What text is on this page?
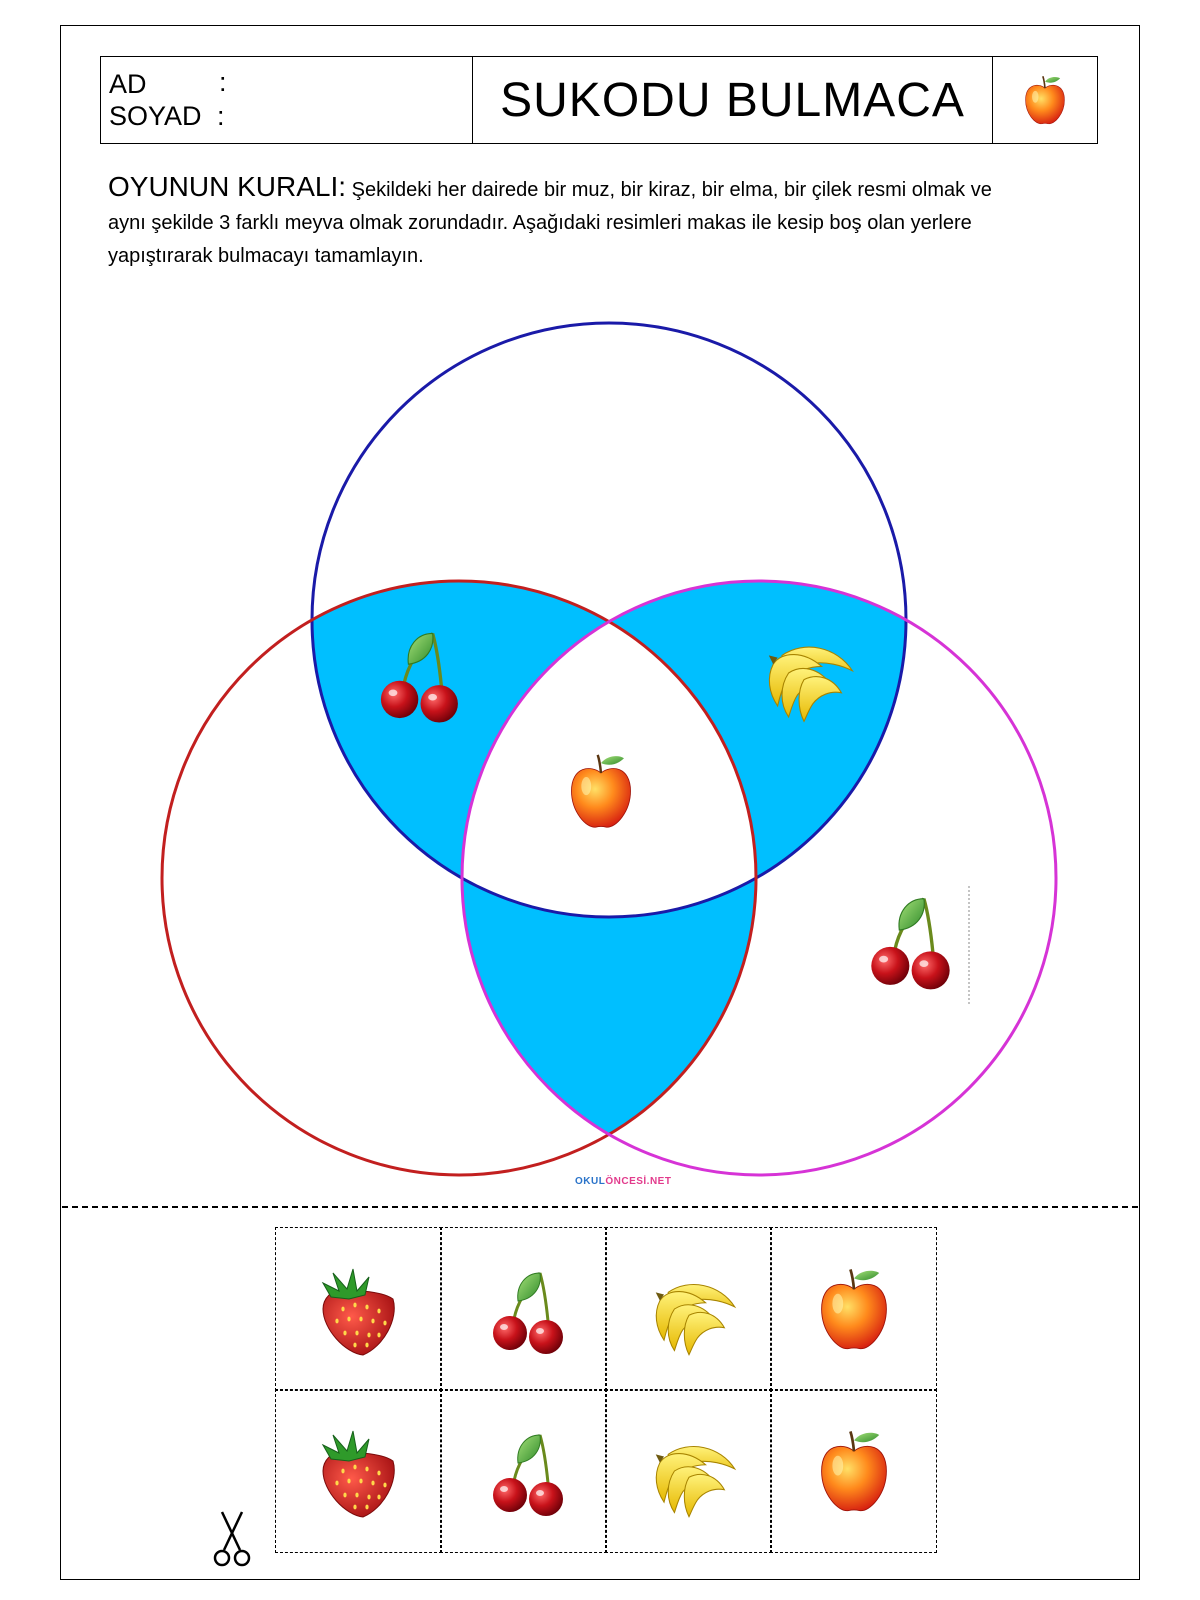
AD	:
SOYAD :	SUKODU BULMACA
OYUNUN KURALI: Şekildeki her dairede bir muz, bir kiraz, bir elma, bir çilek resmi olmak ve aynı şekilde 3 farklı meyva olmak zorundadır. Aşağıdaki resimleri makas ile kesip boş olan yerlere yapıştırarak bulmacayı tamamlayın.
OKULÖNCESİ.NET
